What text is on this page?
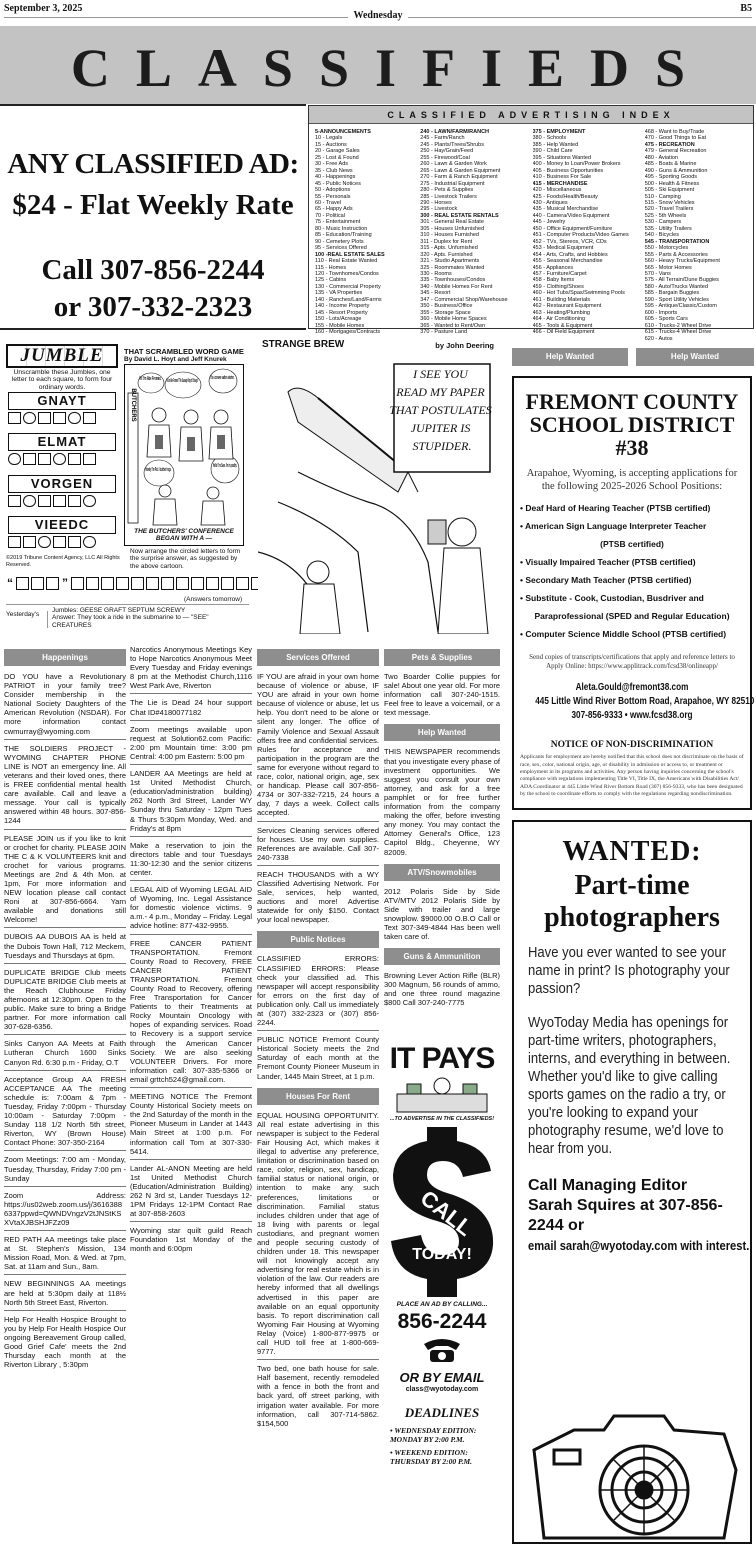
September 3, 2025
Wednesday
B5
CLASSIFIEDS
ANY CLASSIFIED AD:
$24 - Flat Weekly Rate
Call 307-856-2244
or 307-332-2323
CLASSIFIED ADVERTISING INDEX
5-ANNOUNCEMENTS
10 - Legals
15 - Auctions
20 - Garage Sales
25 - Lost & Found
30 - Free Ads
35 - Club News
40 - Happenings
45 - Public Notices
50 - Adoptions
55 - Personals
60 - Travel
65 - Happy Ads
70 - Political
75 - Entertainment
80 - Music Instruction
85 - Education/Training
90 - Cemetery Plots
95 - Services Offered
100 -REAL ESTATE SALES
110 - Real Estate Wanted
115 - Homes
120 - Townhomes/Condos
125 - Cabins
130 - Commercial Property
135 - VA Properties
140 - Ranches/Land/Farms
140 - Income Property
145 - Resort Property
150 - Lots/Acreage
155 - Mobile Homes
160 - Mortgages/Contracts
240 - LAWN/FARM/RANCH
245 - Farm/Ranch
245 - Plants/Trees/Shrubs
250 - Hay/Grain/Feed
255 - Firewood/Coal
260 - Lawn & Garden Work
265 - Lawn & Garden Equipment
270 - Farm & Ranch Equipment
275 - Industrial Equipment
280 - Pets & Supplies
285 - Livestock Trailers
290 - Horses
295 - Livestock
300 - REAL ESTATE RENTALS
301 - General Real Estate
305 - Houses Unfurnished
310 - Houses Furnished
311 - Duplex for Rent
315 - Apts. Unfurnished
320 - Apts. Furnished
321 - Studio Apartments
325 - Roommates Wanted
330 - Rooms
335 - Townhouses/Condos
340 - Mobile Homes For Rent
345 - Resort
347 - Commercial Shop/Warehouse
350 - Business/Office
355 - Storage Space
360 - Mobile Home Spaces
365 - Wanted to Rent/Own
370 - Pasture Land
375 - EMPLOYMENT
380 - Schools
385 - Help Wanted
390 - Child Care
395 - Situations Wanted
400 - Money to Loan/Power Brokers
405 - Business Opportunities
410 - Business For Sale
415 - MERCHANDISE
420 - Miscellaneous
425 - Foods/Health/Beauty
430 - Antiques
435 - Musical Merchandise
440 - Camera/Video Equipment
445 - Jewelry
450 - Office Equipment/Furniture
451 - Computer Products/Video Games
452 - TVs, Stereos, VCR, CDs
453 - Medical Equipment
454 - Arts, Crafts, and Hobbies
455 - Seasonal Merchandise
456 - Appliances
457 - Furniture/Carpet
458 - Baby Items
459 - Clothing/Shoes
460 - Hot Tubs/Spas/Swimming Pools
461 - Building Materials
462 - Restaurant Equipment
463 - Heating/Plumbing
464 - Air Conditioning
465 - Tools & Equipment
466 - Oil Field Equipment
468 - Want to Buy/Trade
470 - Good Things to Eat
475 - RECREATION
479 - General Recreation
480 - Aviation
485 - Boats & Marine
490 - Guns & Ammunition
495 - Sporting Goods
500 - Health & Fitness
505 - Ski Equipment
510 - Camping
515 - Snow Vehicles
520 - Travel Trailers
525 - 5th Wheels
530 - Campers
535 - Utility Trailers
540 - Bicycles
545 - TRANSPORTATION
550 - Motorcycles
555 - Parts & Accessories
560 - Heavy Trucks/Equipment
565 - Motor Homes
570 - Vans
575 - All Terrain/Dune Buggies
580 - Auto/Trucks Wanted
585 - Bargain Buggies
590 - Sport Utility Vehicles
595 - Antique/Classic/Custom
600 - Imports
605 - Sports Cars
610 - Trucks-2 Wheel Drive
615 - Trucks-4 Wheel Drive
620 - Autos
JUMBLE	THAT SCRAMBLED WORD GAME
By David L. Hoyt and Jeff Knurek
Unscramble these Jumbles, one letter to each square, to form four ordinary words.
GNAYT
ELMAT
VORGEN
VIEEDC
BUTCHERS
Hi! I'm Abe Froman. You're Abe Froman? The Sausage King of Chicago? It's a conver-sation starter. Howdy! I'm Pat. I butcher hogs. Hello! I'm Sam. I'm in poultry.
THE BUTCHERS' CONFERENCE BEGAN WITH A —
Now arrange the circled letters to form the surprise answer, as suggested by the above cartoon.
©2019 Tribune Content Agency, LLC All Rights Reserved.
“	”
(Answers tomorrow)
Yesterday's
Jumbles: GEESE GRAFT SEPTUM SCREWY
Answer: They took a ride in the submarine to — "SEE" CREATURES
STRANGE BREW	by John Deering
I SEE YOU READ MY PAPER THAT POSTULATES JUPITER IS STUPIDER.
Help Wanted	Help Wanted
FREMONT COUNTY
SCHOOL DISTRICT #38
Arapahoe, Wyoming, is accepting applications for the following 2025-2026 School Positions:
• Deaf Hard of Hearing Teacher (PTSB certified)
• American Sign Language Interpreter Teacher
(PTSB certified)
• Visually Impaired Teacher (PTSB certified)
• Secondary Math Teacher (PTSB certified)
• Substitute - Cook, Custodian, Busdriver and
Paraprofessional (SPED and Regular Education)
• Computer Science Middle School (PTSB certified)
Send copies of transcripts/certifications that apply and reference letters to Apply Online: https://www.applitrack.com/fcsd38/onlineapp/
Aleta.Gould@fremont38.com
445 Little Wind River Bottom Road, Arapahoe, WY 82510
307-856-9333 • www.fcsd38.org
NOTICE OF NON-DISCRIMINATION
Applicants for employment are hereby notified that this school does not discriminate on the basis of race, sex, color, national origin, age, or disability in admission or access to, or treatment or employment in its programs and activities. Any person having inquiries concerning the school's compliance with regulations implementing Title VI, Title IX, the Americans with Disabilities Act/ ADA Coordinator at 445 Little Wind River Bottom Road (307) 856-9333, who has been designated by the school to coordinate efforts to comply with the regulations regarding nondiscrimination.
WANTED:
Part-time
photographers
Have you ever wanted to see your name in print? Is photography your passion?
WyoToday Media has openings for part-time writers, photographers, interns, and everything in between. Whether you'd like to give calling sports games on the radio a try, or you're looking to expand your photography resume, we'd love to hear from you.
Call Managing Editor Sarah Squires at 307-856-2244 or
email sarah@wyotoday.com with interest.
Happenings
DO YOU have a Revolutionary PATRIOT in your family tree? Consider membership in the National Society Daughters of the American Revolution (NSDAR). For more information contact cwmurray@wyoming.com
THE SOLDIERS PROJECT -WYOMING CHAPTER PHONE LINE is NOT an emergency line. All veterans and their loved ones, there is FREE confidential mental health care available. Call and leave a message. Your call is typically answered within 48 hours. 307-856-1244
PLEASE JOIN us if you like to knit or crochet for charity. PLEASE JOIN THE C & K VOLUNTEERS knit and crochet for various programs. Meetings are 2nd & 4th Mon. at 1pm, For more information and NEW location please call contact Roni at 307-856-6664. Yarn available and donations still Welcome!
DUBOIS AA DUBOIS AA is held at the Dubois Town Hall, 712 Meckem, Tuesdays and Thursdays at 6pm.
DUPLICATE BRIDGE Club meets DUPLICATE BRIDGE Club meets at the Reach Clubhouse Friday afternoons at 12:30pm. Open to the public. Make sure to bring a Bridge partner. For more information call 307-628-6356.
Sinks Canyon AA Meets at Faith Lutheran Church 1600 Sinks Canyon Rd. 6:30 p.m - Friday, O.T
Acceptance Group AA FRESH ACCEPTANCE AA The meeting schedule is: 7:00am & 7pm - Tuesday, Friday 7:00pm - Thursday 10:00am - Saturday 7:00pm - Sunday 118 1/2 North 5th street, Riverton, WY (Brown House) Contact Phone: 307-350-2164
Zoom Meetings: 7:00 am - Monday, Tuesday, Thursday, Friday 7:00 pm - Sunday
Zoom Address: https://us02web.zoom.us/j/36163886337ppwd=QWNDVngzV2tJNStKSXVtaXJBSHJFZz09
RED PATH AA meetings take place at St. Stephen's Mission, 134 Mission Road, Mon. & Wed. at 7pm, Sat. at 11am and Sun., 8am.
NEW BEGINNINGS AA meetings are held at 5:30pm daily at 118½ North 5th Street East, Riverton.
Help For Health Hospice Brought to you by Help For Health Hospice Our ongoing Bereavement Group called, Good Grief Cafe' meets the 2nd Thursday each month at the Riverton Library , 5:30pm
Narcotics Anonymous Meetings Key to Hope Narcotics Anonymous Meet Every Tuesday and Friday evenings 8 pm at the Methodist Church,1116 West Park Ave, Riverton
The Lie is Dead 24 hour support Chat ID#4180077182
Zoom meetings available upon request at Solution62.com Pacific: 2:00 pm Mountain time: 3:00 pm Central: 4:00 pm Eastern: 5:00 pm
LANDER AA Meetings are held at 1st United Methodist Church, (education/administration building) 262 North 3rd Street, Lander WY Sunday thru Saturday - 12pm Tues & Thurs 5:30pm Monday, Wed. and Friday's at 8pm
Make a reservation to join the directors table and tour Tuesdays 11:30-12:30 and the senior citizens center.
LEGAL AID of Wyoming LEGAL AID of Wyoming, Inc. Legal Assistance for domestic violence victims. 9 a.m.- 4 p.m., Monday – Friday. Legal advice hotline: 877-432-9955.
FREE CANCER PATIENT TRANSPORTATION. Fremont County Road to Recovery, FREE CANCER PATIENT TRANSPORTATION. Fremont County Road to Recovery, offering Free Transportation for Cancer Patients to their Treatments at Rocky Mountain Oncology with hopes of expanding services. Road to Recovery is a support service through the American Cancer Society. We are also seeking VOLUNTEER Drivers. For more information call: 307-335-5366 or email grttch524@gmail.com.
MEETING NOTICE The Fremont County Historical Society meets on the 2nd Saturday of the month in the Pioneer Museum in Lander at 1443 Main Street at 1:00 p.m. For information call Tom at 307-330-5414.
Lander AL-ANON Meeting are held 1st United Methodist Church (Education/Administration Building) 262 N 3rd st, Lander Tuesdays 12-1PM Fridays 12-1PM Contact Rae at 307-858-2603
Wyoming star quilt guild Reach Foundation 1st Monday of the month and 6:00pm
Services Offered
IF YOU are afraid in your own home because of violence or abuse, IF YOU are afraid in your own home because of violence or abuse, let us help. You don't need to be alone or silent any longer. The office of Family Violence and Sexual Assault offers free and confidential services. Rules for acceptance and participation in the program are the same for everyone without regard to race, color, national origin, age, sex or handicap. Please call 307-856-4734 or 307-332-7215, 24 hours a day, 7 days a week. Collect calls accepted.
Services Cleaning services offered for houses. Use my own supplies. References are available. Call 307-240-7338
REACH THOUSANDS with a WY Classified Advertising Network. For Sale, services, help wanted, auctions and more! Advertise statewide for only $150. Contact your local newspaper.
Public Notices
CLASSIFIED ERRORS: CLASSIFIED ERRORS: Please check your classified ad. This newspaper will accept responsibility for errors on the first day of publication only. Call us immediately at (307) 332-2323 or (307) 856-2244.
PUBLIC NOTICE Fremont County Historical Society meets the 2nd Saturday of each month at the Fremont County Pioneer Museum in Lander, 1445 Main Street, at 1 p.m.
Houses For Rent
EQUAL HOUSING OPPORTUNITY. All real estate advertising in this newspaper is subject to the Federal Fair Housing Act, which makes it illegal to advertise any preference, limitation or discrimination based on race, color, religion, sex, handicap, familial status or national origin, or intention to make any such preferences, limitations or discrimination. Familial status includes children under that age of 18 living with parents or legal custodians, and pregnant women and people securing custody of children under 18. This newspaper will not knowingly accept any advertising for real estate which is in violation of the law. Our readers are hereby informed that all dwellings advertised in this paper are available on an equal opportunity basis. To report discrimination call Wyoming Fair Housing at Wyoming Relay (Voice) 1-800-877-9975 or call HUD toll free at 1-800-669-9777.
Two bed, one bath house for sale. Half basement, recently remodeled with a fence in both the front and back yard, off street parking, with irrigation water available. For more information, call 307-714-5862. $154,500
Pets & Supplies
Two Boarder Collie puppies for sale! About one year old. For more information call 307-240-1515. Feel free to leave a voicemail, or a text message.
Help Wanted
THIS NEWSPAPER recommends that you investigate every phase of investment opportunities. We suggest you consult your own attorney, and ask for a free pamphlet or for free further information from the company making the offer, before investing any money. You may contact the Attorney General's Office, 123 Capitol Bldg., Cheyenne, WY 82009.
ATV/Snowmobiles
2012 Polaris Side by Side ATV/MTV 2012 Polaris Side by Side with trailer and large snowplow. $9000.00 O.B.O Call or Text 307-349-4844 Has been well taken care of.
Guns & Ammunition
Browning Lever Action Rifle (BLR) 300 Magnum, 56 rounds of ammo, and one three round magazine $800 Call 307-240-7775
IT PAYS
...TO ADVERTISE IN THE CLASSIFIEDS!
CALL
TODAY!
PLACE AN AD BY CALLING...
856-2244
OR BY EMAIL
class@wyotoday.com
DEADLINES
• WEDNESDAY EDITION: MONDAY BY 2:00 P.M.
• WEEKEND EDITION: THURSDAY BY 2:00 P.M.
